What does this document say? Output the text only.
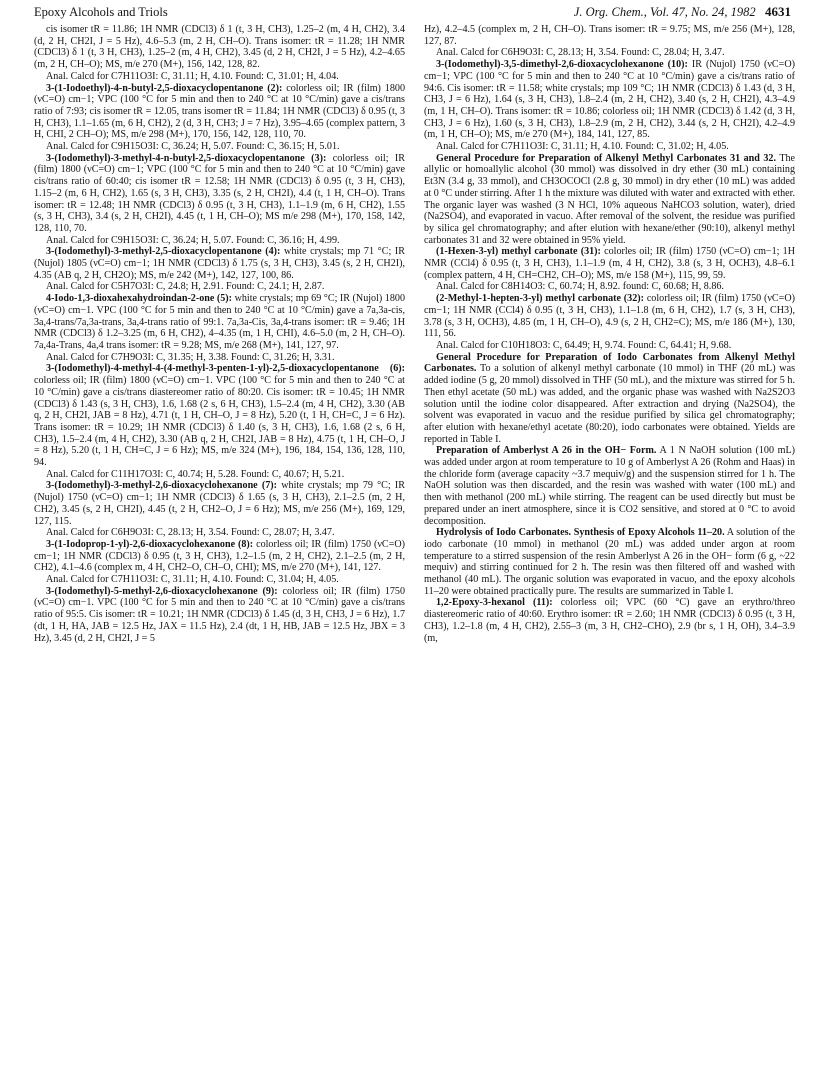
Epoxy Alcohols and Triols	J. Org. Chem., Vol. 47, No. 24, 1982 4631

cis isomer tR = 11.86; 1H NMR (CDCl3) δ 1 (t, 3 H, CH3), 1.25–2 (m, 4 H, CH2), 3.4 (d, 2 H, CH2I, J = 5 Hz), 4.6–5.3 (m, 2 H, CH–O). Trans isomer: tR = 11.28; 1H NMR (CDCl3) δ 1 (t, 3 H, CH3), 1.25–2 (m, 4 H, CH2), 3.45 (d, 2 H, CH2I, J = 5 Hz), 4.2–4.65 (m, 2 H, CH–O); MS, m/e 270 (M+), 156, 142, 128, 82.

Anal. Calcd for C7H11O3I: C, 31.11; H, 4.10. Found: C, 31.01; H, 4.04.

3-(1-Iodoethyl)-4-n-butyl-2,5-dioxacyclopentanone (2): colorless oil; IR (film) 1800 (νC=O) cm−1; VPC (100 °C for 5 min and then to 240 °C at 10 °C/min) gave a cis/trans ratio of 7:93; cis isomer tR = 12.05, trans isomer tR = 11.84; 1H NMR (CDCl3) δ 0.95 (t, 3 H, CH3), 1.1–1.65 (m, 6 H, CH2), 2 (d, 3 H, CH3; J = 7 Hz), 3.95–4.65 (complex pattern, 3 H, CHI, 2 CH–O); MS, m/e 298 (M+), 170, 156, 142, 128, 110, 70.

Anal. Calcd for C9H15O3I: C, 36.24; H, 5.07. Found: C, 36.15; H, 5.01.

3-(Iodomethyl)-3-methyl-4-n-butyl-2,5-dioxacyclopentanone (3): colorless oil; IR (film) 1800 (νC=O) cm−1; VPC (100 °C for 5 min and then to 240 °C at 10 °C/min) gave cis/trans ratio of 60:40; cis isomer tR = 12.58; 1H NMR (CDCl3) δ 0.95 (t, 3 H, CH3), 1.15–2 (m, 6 H, CH2), 1.65 (s, 3 H, CH3), 3.35 (s, 2 H, CH2I), 4.4 (t, 1 H, CH–O). Trans isomer: tR = 12.48; 1H NMR (CDCl3) δ 0.95 (t, 3 H, CH3), 1.1–1.9 (m, 6 H, CH2), 1.55 (s, 3 H, CH3), 3.4 (s, 2 H, CH2I), 4.45 (t, 1 H, CH–O); MS m/e 298 (M+), 170, 158, 142, 128, 110, 70.

Anal. Calcd for C9H15O3I: C, 36.24; H, 5.07. Found: C, 36.16; H, 4.99.

3-(Iodomethyl)-3-methyl-2,5-dioxacyclopentanone (4): white crystals; mp 71 °C; IR (Nujol) 1805 (νC=O) cm−1; 1H NMR (CDCl3) δ 1.75 (s, 3 H, CH3), 3.45 (s, 2 H, CH2I), 4.35 (AB q, 2 H, CH2O); MS, m/e 242 (M+), 142, 127, 100, 86.

Anal. Calcd for C5H7O3I: C, 24.8; H, 2.91. Found: C, 24.1; H, 2.87.

4-Iodo-1,3-dioxahexahydroindan-2-one (5): white crystals; mp 69 °C; IR (Nujol) 1800 (νC=O) cm−1. VPC (100 °C for 5 min and then to 240 °C at 10 °C/min) gave a 7a,3a-cis, 3a,4-trans/7a,3a-trans, 3a,4-trans ratio of 99:1. 7a,3a-Cis, 3a,4-trans isomer: tR = 9.46; 1H NMR (CDCl3) δ 1.2–3.25 (m, 6 H, CH2), 4–4.35 (m, 1 H, CHI), 4.6–5.0 (m, 2 H, CH–O). 7a,4a-Trans, 4a,4 trans isomer: tR = 9.28; MS, m/e 268 (M+), 141, 127, 97.

Anal. Calcd for C7H9O3I: C, 31.35; H, 3.38. Found: C, 31.26; H, 3.31.

3-(Iodomethyl)-4-methyl-4-(4-methyl-3-penten-1-yl)-2,5-dioxacyclopentanone (6): colorless oil; IR (film) 1800 (νC=O) cm−1. VPC (100 °C for 5 min and then to 240 °C at 10 °C/min) gave a cis/trans diastereomer ratio of 80:20. Cis isomer: tR = 10.45; 1H NMR (CDCl3) δ 1.43 (s, 3 H, CH3), 1.6, 1.68 (2 s, 6 H, CH3), 1.5–2.4 (m, 4 H, CH2), 3.30 (AB q, 2 H, CH2I, JAB = 8 Hz), 4.71 (t, 1 H, CH–O, J = 8 Hz), 5.20 (t, 1 H, CH=C, J = 6 Hz). Trans isomer: tR = 10.29; 1H NMR (CDCl3) δ 1.40 (s, 3 H, CH3), 1.6, 1.68 (2 s, 6 H, CH3), 1.5–2.4 (m, 4 H, CH2), 3.30 (AB q, 2 H, CH2I, JAB = 8 Hz), 4.75 (t, 1 H, CH–O, J = 8 Hz), 5.20 (t, 1 H, CH=C, J = 6 Hz); MS, m/e 324 (M+), 196, 184, 154, 136, 128, 110, 94.

Anal. Calcd for C11H17O3I: C, 40.74; H, 5.28. Found: C, 40.67; H, 5.21.

3-(Iodomethyl)-3-methyl-2,6-dioxacyclohexanone (7): white crystals; mp 79 °C; IR (Nujol) 1750 (νC=O) cm−1; 1H NMR (CDCl3) δ 1.65 (s, 3 H, CH3), 2.1–2.5 (m, 2 H, CH2), 3.45 (s, 2 H, CH2I), 4.45 (t, 2 H, CH2–O, J = 6 Hz); MS, m/e 256 (M+), 169, 129, 127, 115.

Anal. Calcd for C6H9O3I: C, 28.13; H, 3.54. Found: C, 28.07; H, 3.47.

3-(1-Iodoprop-1-yl)-2,6-dioxacyclohexanone (8): colorless oil; IR (film) 1750 (νC=O) cm−1; 1H NMR (CDCl3) δ 0.95 (t, 3 H, CH3), 1.2–1.5 (m, 2 H, CH2), 2.1–2.5 (m, 2 H, CH2), 4.1–4.6 (complex m, 4 H, CH2–O, CH–O, CHI); MS, m/e 270 (M+), 141, 127.

Anal. Calcd for C7H11O3I: C, 31.11; H, 4.10. Found: C, 31.04; H, 4.05.

3-(Iodomethyl)-5-methyl-2,6-dioxacyclohexanone (9): colorless oil; IR (film) 1750 (νC=O) cm−1. VPC (100 °C for 5 min and then to 240 °C at 10 °C/min) gave a cis/trans ratio of 95:5. Cis isomer: tR = 10.21; 1H NMR (CDCl3) δ 1.45 (d, 3 H, CH3, J = 6 Hz), 1.7 (dt, 1 H, HA, JAB = 12.5 Hz, JAX = 11.5 Hz), 2.4 (dt, 1 H, HB, JAB = 12.5 Hz, JBX = 3 Hz), 3.45 (d, 2 H, CH2I, J = 5

Hz), 4.2–4.5 (complex m, 2 H, CH–O). Trans isomer: tR = 9.75; MS, m/e 256 (M+), 128, 127, 87.

Anal. Calcd for C6H9O3I: C, 28.13; H, 3.54. Found: C, 28.04; H, 3.47.

3-(Iodomethyl)-3,5-dimethyl-2,6-dioxacyclohexanone (10): IR (Nujol) 1750 (νC=O) cm−1; VPC (100 °C for 5 min and then to 240 °C at 10 °C/min) gave a cis/trans ratio of 94:6. Cis isomer: tR = 11.58; white crystals; mp 109 °C; 1H NMR (CDCl3) δ 1.43 (d, 3 H, CH3, J = 6 Hz), 1.64 (s, 3 H, CH3), 1.8–2.4 (m, 2 H, CH2), 3.40 (s, 2 H, CH2I), 4.3–4.9 (m, 1 H, CH–O). Trans isomer: tR = 10.86; colorless oil; 1H NMR (CDCl3) δ 1.42 (d, 3 H, CH3, J = 6 Hz), 1.60 (s, 3 H, CH3), 1.8–2.9 (m, 2 H, CH2), 3.44 (s, 2 H, CH2I), 4.2–4.9 (m, 1 H, CH–O); MS, m/e 270 (M+), 184, 141, 127, 85.

Anal. Calcd for C7H11O3I: C, 31.11; H, 4.10. Found: C, 31.02; H, 4.05.

General Procedure for Preparation of Alkenyl Methyl Carbonates 31 and 32. The allylic or homoallylic alcohol (30 mmol) was dissolved in dry ether (30 mL) containing Et3N (3.4 g, 33 mmol), and CH3OCOCl (2.8 g, 30 mmol) in dry ether (10 mL) was added at 0 °C under stirring. After 1 h the mixture was diluted with water and extracted with ether. The organic layer was washed (3 N HCl, 10% aqueous NaHCO3 solution, water), dried (Na2SO4), and evaporated in vacuo. After removal of the solvent, the residue was purified by silica gel chromatography; and after elution with hexane/ether (90:10), alkenyl methyl carbonates 31 and 32 were obtained in 95% yield.

(1-Hexen-3-yl) methyl carbonate (31): colorles oil; IR (film) 1750 (νC=O) cm−1; 1H NMR (CCl4) δ 0.95 (t, 3 H, CH3), 1.1–1.9 (m, 4 H, CH2), 3.8 (s, 3 H, OCH3), 4.8–6.1 (complex pattern, 4 H, CH=CH2, CH–O); MS, m/e 158 (M+), 115, 99, 59.

Anal. Calcd for C8H14O3: C, 60.74; H, 8.92. found: C, 60.68; H, 8.86.

(2-Methyl-1-hepten-3-yl) methyl carbonate (32): colorless oil; IR (film) 1750 (νC=O) cm−1; 1H NMR (CCl4) δ 0.95 (t, 3 H, CH3), 1.1–1.8 (m, 6 H, CH2), 1.7 (s, 3 H, CH3), 3.78 (s, 3 H, OCH3), 4.85 (m, 1 H, CH–O), 4.9 (s, 2 H, CH2=C); MS, m/e 186 (M+), 130, 111, 56.

Anal. Calcd for C10H18O3: C, 64.49; H, 9.74. Found: C, 64.41; H, 9.68.

General Procedure for Preparation of Iodo Carbonates from Alkenyl Methyl Carbonates. To a solution of alkenyl methyl carbonate (10 mmol) in THF (20 mL) was added iodine (5 g, 20 mmol) dissolved in THF (50 mL), and the mixture was stirred for 5 h. Then ethyl acetate (50 mL) was added, and the organic phase was washed with Na2S2O3 solution until the iodine color disappeared. After extraction and drying (Na2SO4), the solvent was evaporated in vacuo and the residue purified by silica gel chromatography; after elution with hexane/ethyl acetate (80:20), iodo carbonates were obtained. Yields are reported in Table I.

Preparation of Amberlyst A 26 in the OH− Form. A 1 N NaOH solution (100 mL) was added under argon at room temperature to 10 g of Amberlyst A 26 (Rohm and Haas) in the chloride form (average capacity ~3.7 mequiv/g) and the suspension stirred for 1 h. The NaOH solution was then discarded, and the resin was washed with water (100 mL) and then with methanol (200 mL) while stirring. The reagent can be used directly but must be prepared under an inert atmosphere, since it is CO2 sensitive, and stored at 0 °C to avoid decomposition.

Hydrolysis of Iodo Carbonates. Synthesis of Epoxy Alcohols 11–20. A solution of the iodo carbonate (10 mmol) in methanol (20 mL) was added under argon at room temperature to a stirred suspension of the resin Amberlyst A 26 in the OH− form (6 g, ~22 mequiv) and stirring continued for 2 h. The resin was then filtered off and washed with methanol (40 mL). The organic solution was evaporated in vacuo, and the epoxy alcohols 11–20 were obtained practically pure. The results are summarized in Table I.

1,2-Epoxy-3-hexanol (11): colorless oil; VPC (60 °C) gave an erythro/threo diastereomeric ratio of 40:60. Erythro isomer: tR = 2.60; 1H NMR (CDCl3) δ 0.95 (t, 3 H, CH3), 1.2–1.8 (m, 4 H, CH2), 2.55–3 (m, 3 H, CH2–CHO), 2.9 (br s, 1 H, OH), 3.4–3.9 (m,
